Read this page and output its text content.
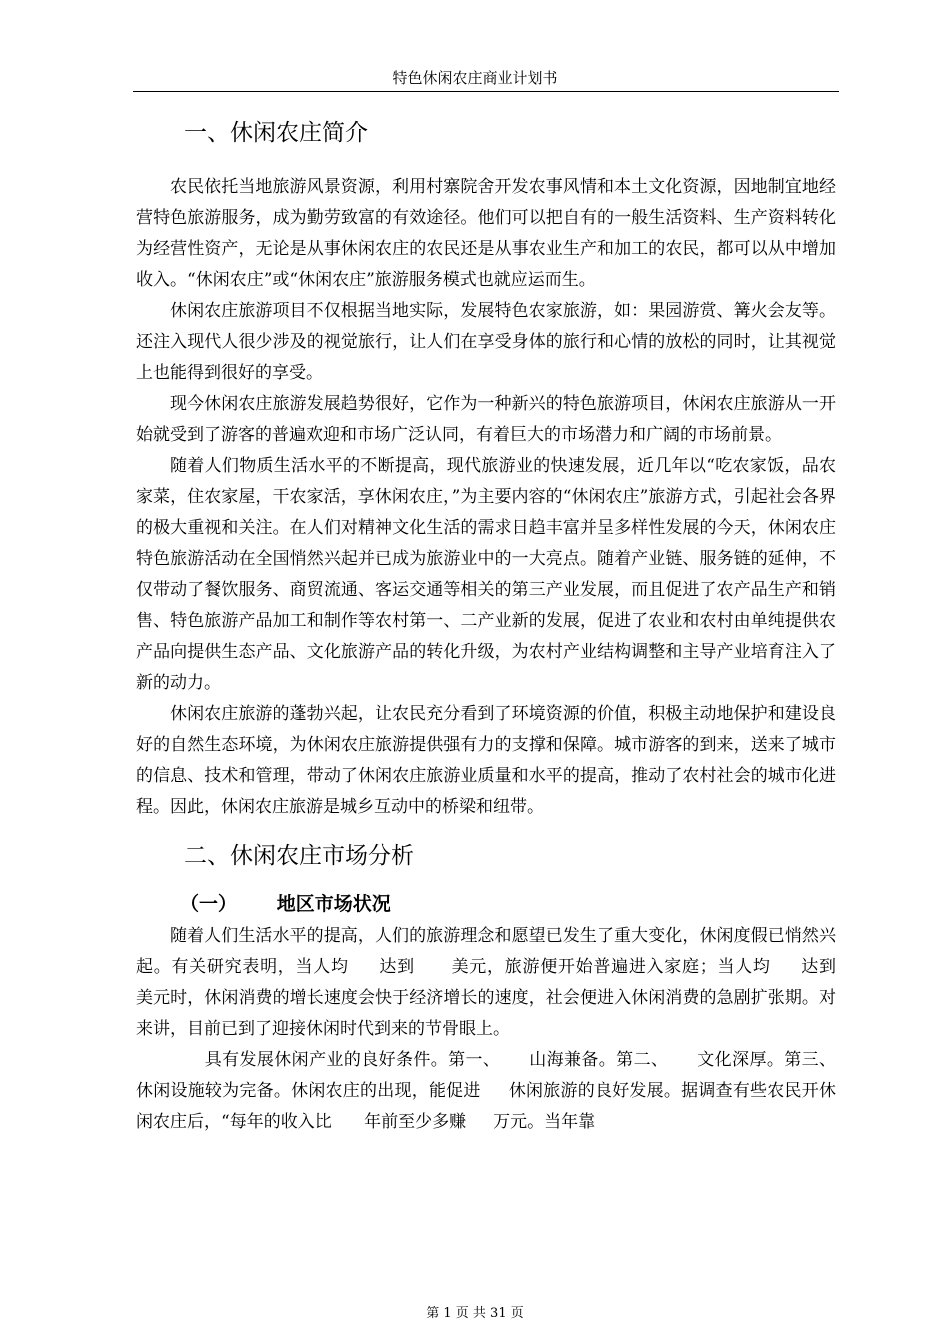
特色休闲农庄商业计划书
一、休闲农庄简介

农民依托当地旅游风景资源，利用村寨院舍开发农事风情和本土文化资源，因地制宜地经营特色旅游服务，成为勤劳致富的有效途径。他们可以把自有的一般生活资料、生产资料转化为经营性资产，无论是从事休闲农庄的农民还是从事农业生产和加工的农民，都可以从中增加收入。“休闲农庄”或“休闲农庄”旅游服务模式也就应运而生。

休闲农庄旅游项目不仅根据当地实际，发展特色农家旅游，如：果园游赏、篝火会友等。还注入现代人很少涉及的视觉旅行，让人们在享受身体的旅行和心情的放松的同时，让其视觉上也能得到很好的享受。

现今休闲农庄旅游发展趋势很好，它作为一种新兴的特色旅游项目，休闲农庄旅游从一开始就受到了游客的普遍欢迎和市场广泛认同，有着巨大的市场潜力和广阔的市场前景。

随着人们物质生活水平的不断提高，现代旅游业的快速发展，近几年以“吃农家饭，品农家菜，住农家屋，干农家活，享休闲农庄，”为主要内容的“休闲农庄”旅游方式，引起社会各界的极大重视和关注。在人们对精神文化生活的需求日趋丰富并呈多样性发展的今天，休闲农庄特色旅游活动在全国悄然兴起并已成为旅游业中的一大亮点。随着产业链、服务链的延伸，不仅带动了餐饮服务、商贸流通、客运交通等相关的第三产业发展，而且促进了农产品生产和销售、特色旅游产品加工和制作等农村第一、二产业新的发展，促进了农业和农村由单纯提供农产品向提供生态产品、文化旅游产品的转化升级，为农村产业结构调整和主导产业培育注入了新的动力。

休闲农庄旅游的蓬勃兴起，让农民充分看到了环境资源的价值，积极主动地保护和建设良好的自然生态环境，为休闲农庄旅游提供强有力的支撑和保障。城市游客的到来，送来了城市的信息、技术和管理，带动了休闲农庄旅游业质量和水平的提高，推动了农村社会的城市化进程。因此，休闲农庄旅游是城乡互动中的桥梁和纽带。

二、休闲农庄市场分析
（一）      地区市场状况

随着人们生活水平的提高，人们的旅游理念和愿望已发生了重大变化，休闲度假已悄然兴起。有关研究表明，当人均     达到      美元，旅游便开始普遍进入家庭；当人均     达到      美元时，休闲消费的增长速度会快于经济增长的速度，社会便进入休闲消费的急剧扩张期。对      来讲，目前已到了迎接休闲时代到来的节骨眼上。

具有发展休闲产业的良好条件。第一、     山海兼备。第二、     文化深厚。第三、     休闲设施较为完备。休闲农庄的出现，能促进     休闲旅游的良好发展。据调查有些农民开休闲农庄后，“每年的收入比      年前至少多赚     万元。当年靠

第 1 页 共 31 页
